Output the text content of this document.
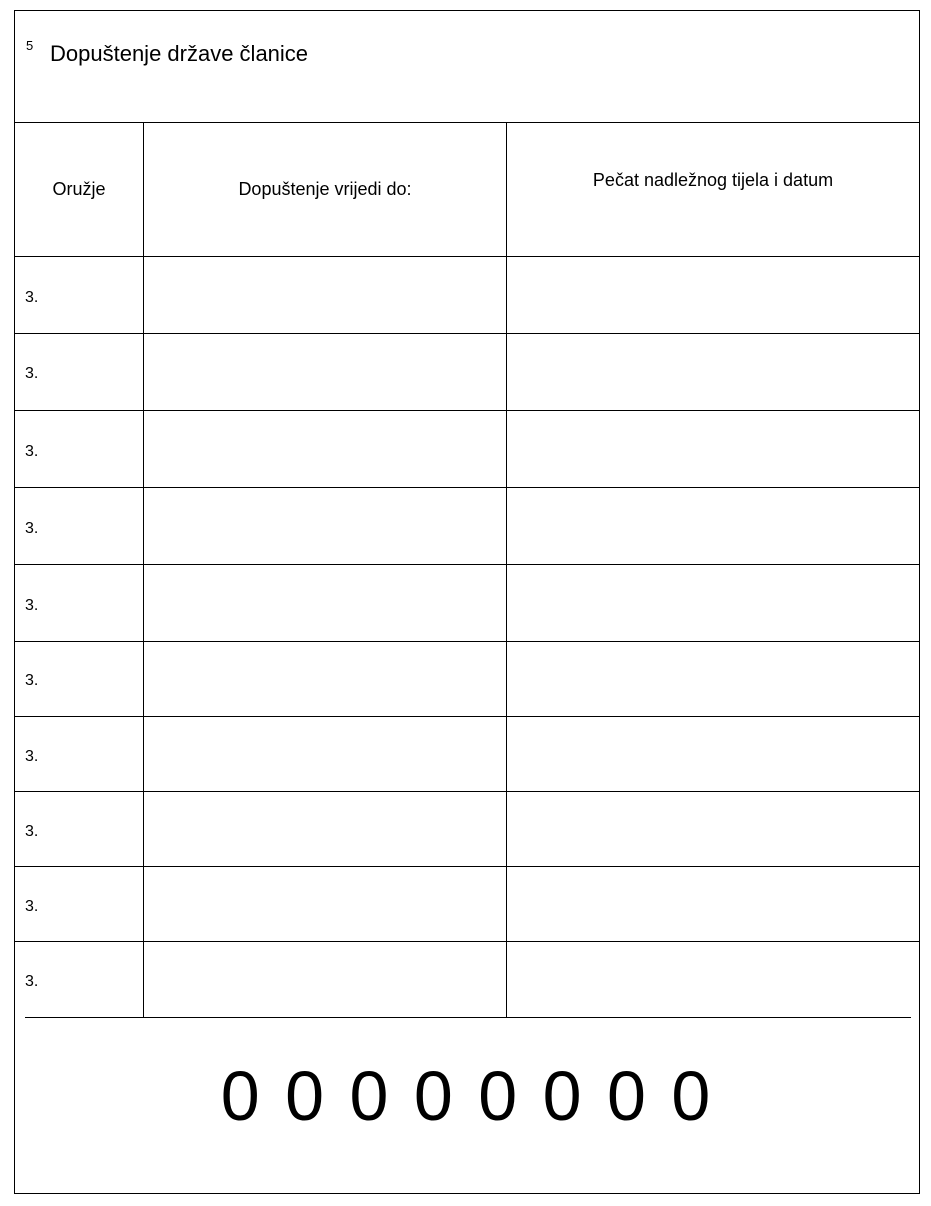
5 Dopuštenje države članice
Oružje	Dopuštenje vrijedi do:	Pečat nadležnog tijela i datum
3.
3.
3.
3.
3.
3.
3.
3.
3.
3.
0 0 0 0 0 0 0 0
